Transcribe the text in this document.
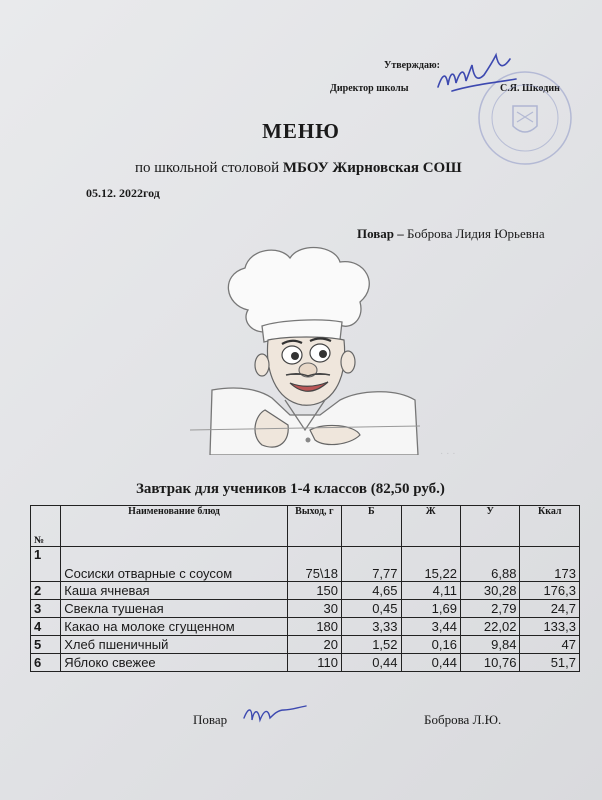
Утверждаю:
Директор школы	С.Я. Шкодин
МЕНЮ
по школьной столовой МБОУ Жирновская СОШ
05.12. 2022год
Повар – Боброва Лидия Юрьевна
· · ·
Завтрак для учеников 1-4 классов (82,50 руб.)
№	Наименование блюд	Выход, г	Б	Ж	У	Ккал
1	Сосиски отварные с соусом	75\18	7,77	15,22	6,88	173
2	Каша ячневая	150	4,65	4,11	30,28	176,3
3	Свекла тушеная	30	0,45	1,69	2,79	24,7
4	Какао на молоке сгущенном	180	3,33	3,44	22,02	133,3
5	Хлеб пшеничный	20	1,52	0,16	9,84	47
6	Яблоко свежее	110	0,44	0,44	10,76	51,7
Повар	Боброва Л.Ю.
